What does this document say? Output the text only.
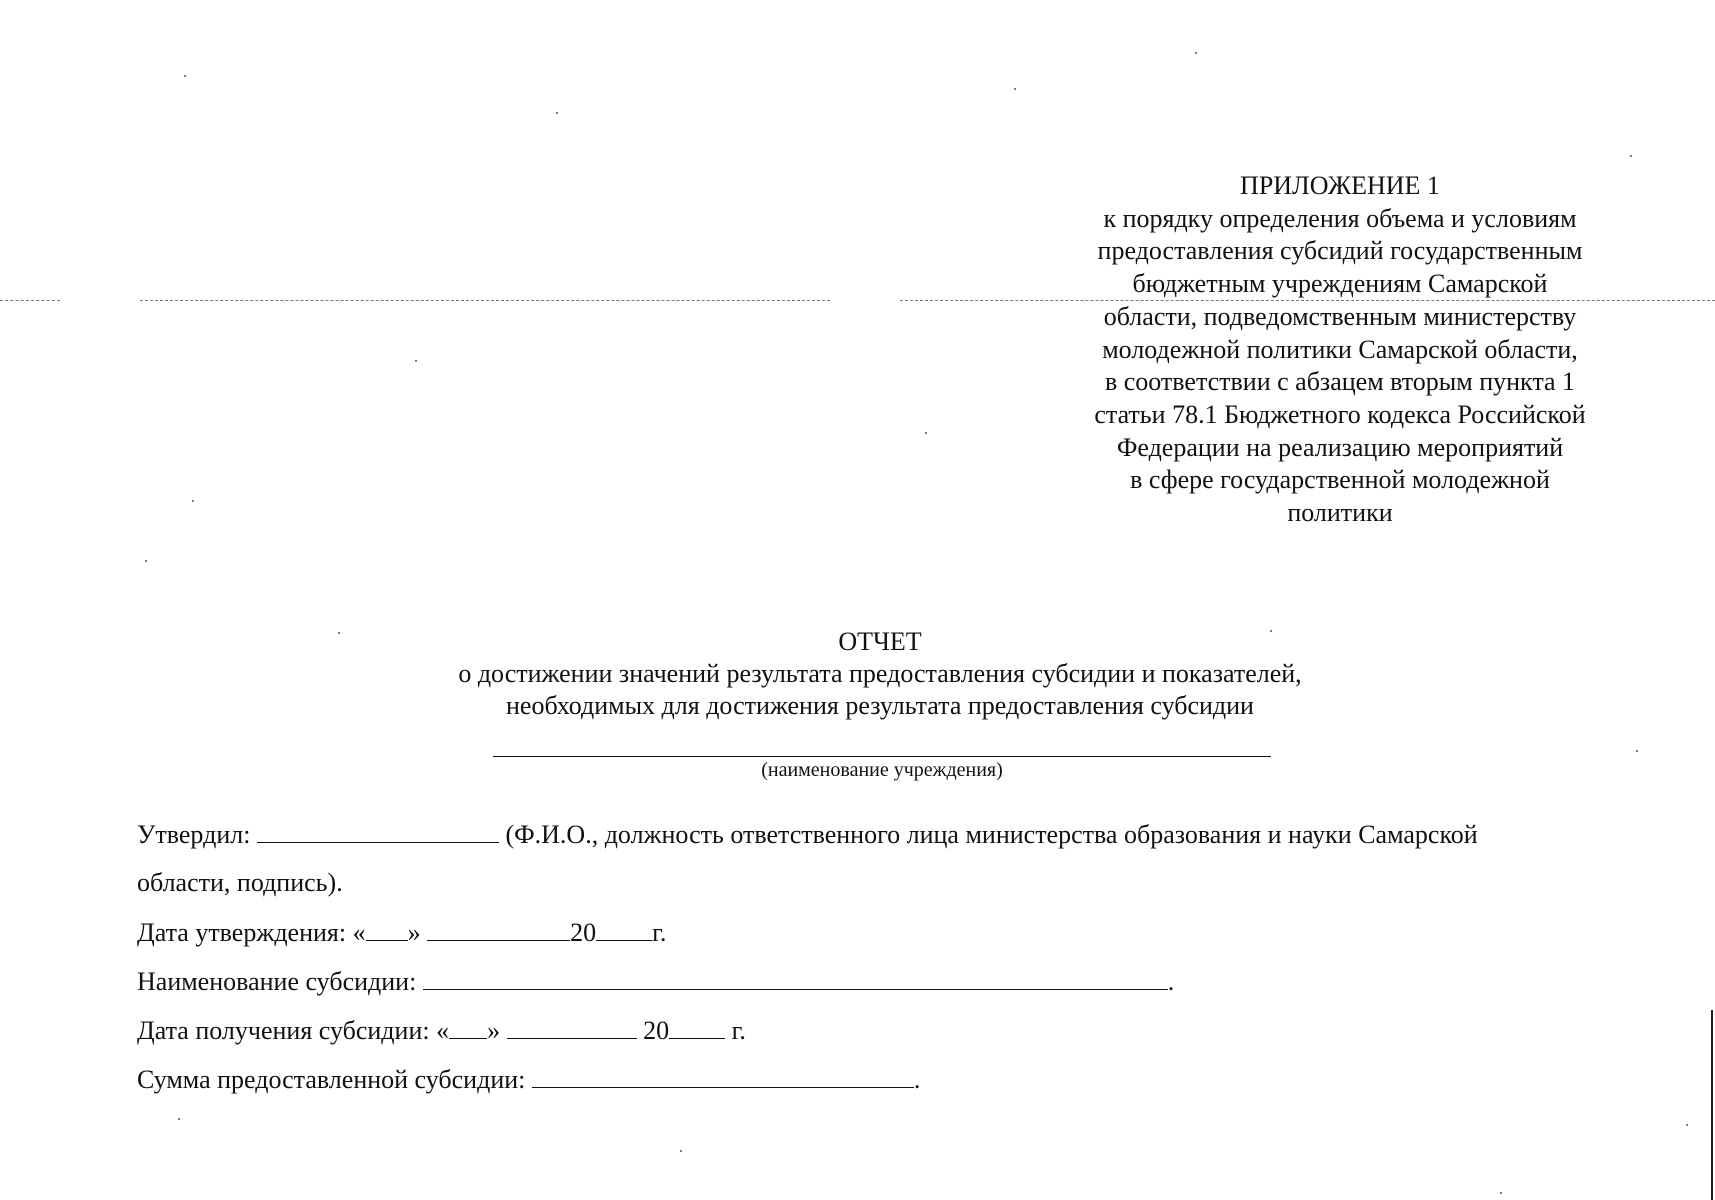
ПРИЛОЖЕНИЕ 1
к порядку определения объема и условиям
предоставления субсидий государственным
бюджетным учреждениям Самарской
области, подведомственным министерству
молодежной политики Самарской области,
в соответствии с абзацем вторым пункта 1
статьи 78.1 Бюджетного кодекса Российской
Федерации на реализацию мероприятий
в сфере государственной молодежной
политики
ОТЧЕТ
о достижении значений результата предоставления субсидии и показателей,
необходимых для достижения результата предоставления субсидии
(наименование учреждения)
Утвердил:	(Ф.И.О., должность ответственного лица министерства образования и науки Самарской
области, подпись).
Дата утверждения: « »	20 г.
Наименование субсидии:	.
Дата получения субсидии: « »	20 г.
Сумма предоставленной субсидии:	.
